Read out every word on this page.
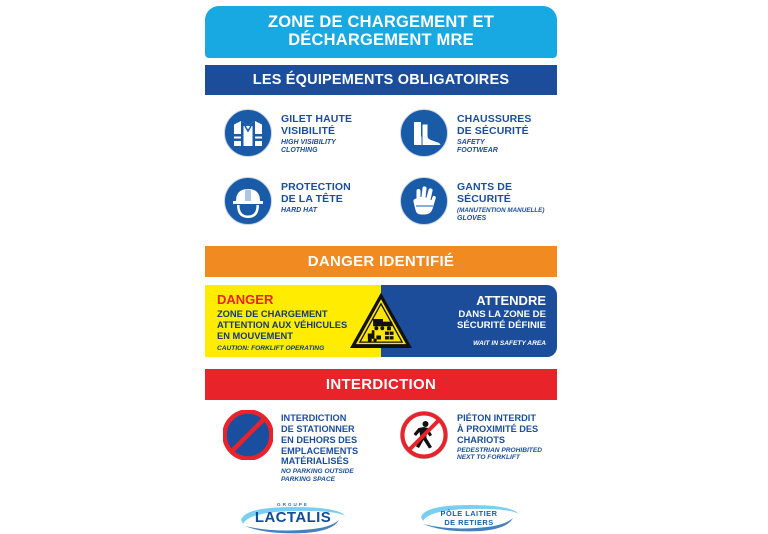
ZONE DE CHARGEMENT ET
DÉCHARGEMENT MRE
LES ÉQUIPEMENTS OBLIGATOIRES
GILET HAUTE
VISIBILITÉ
HIGH VISIBILITY
CLOTHING
CHAUSSURES
DE SÉCURITÉ
SAFETY
FOOTWEAR
PROTECTION
DE LA TÊTE
HARD HAT
GANTS DE
SÉCURITÉ
(MANUTENTION MANUELLE)
GLOVES
DANGER IDENTIFIÉ
DANGER
ZONE DE CHARGEMENT
ATTENTION AUX VÉHICULES
EN MOUVEMENT
CAUTION: FORKLIFT OPERATING
ATTENDRE
DANS LA ZONE DE
SÉCURITÉ DÉFINIE
WAIT IN SAFETY AREA
INTERDICTION
INTERDICTION
DE STATIONNER
EN DEHORS DES
EMPLACEMENTS
MATÉRIALISÉS
NO PARKING OUTSIDE
PARKING SPACE
PIÉTON INTERDIT
À PROXIMITÉ DES
CHARIOTS
PEDESTRIAN PROHIBITED
NEXT TO FORKLIFT
GROUPE
LACTALIS	PÔLE LAITIER
DE RETIERS
